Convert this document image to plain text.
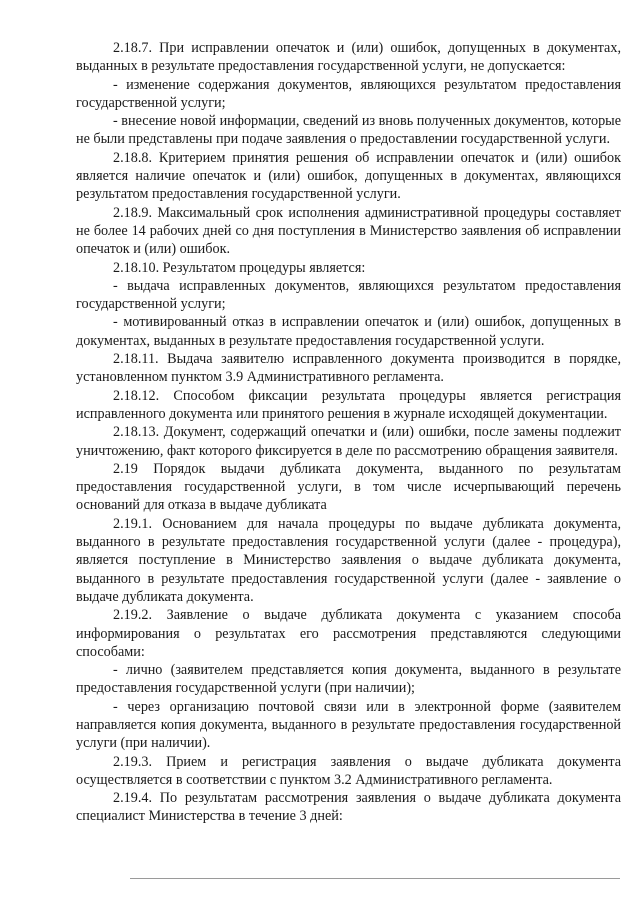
2.18.7. При исправлении опечаток и (или) ошибок, допущенных в документах, выданных в результате предоставления государственной услуги, не допускается:

- изменение содержания документов, являющихся результатом предоставления государственной услуги;

- внесение новой информации, сведений из вновь полученных документов, которые не были представлены при подаче заявления о предоставлении государственной услуги.

2.18.8. Критерием принятия решения об исправлении опечаток и (или) ошибок является наличие опечаток и (или) ошибок, допущенных в документах, являющихся результатом предоставления государственной услуги.

2.18.9. Максимальный срок исполнения административной процедуры составляет не более 14 рабочих дней со дня поступления в Министерство заявления об исправлении опечаток и (или) ошибок.

2.18.10. Результатом процедуры является:

- выдача исправленных документов, являющихся результатом предоставления государственной услуги;

- мотивированный отказ в исправлении опечаток и (или) ошибок, допущенных в документах, выданных в результате предоставления государственной услуги.

2.18.11. Выдача заявителю исправленного документа производится в порядке, установленном пунктом 3.9 Административного регламента.

2.18.12. Способом фиксации результата процедуры является регистрация исправленного документа или принятого решения в журнале исходящей документации.

2.18.13. Документ, содержащий опечатки и (или) ошибки, после замены подлежит уничтожению, факт которого фиксируется в деле по рассмотрению обращения заявителя.

2.19 Порядок выдачи дубликата документа, выданного по результатам предоставления государственной услуги, в том числе исчерпывающий перечень оснований для отказа в выдаче дубликата

2.19.1. Основанием для начала процедуры по выдаче дубликата документа, выданного в результате предоставления государственной услуги (далее - процедура), является поступление в Министерство заявления о выдаче дубликата документа, выданного в результате предоставления государственной услуги (далее - заявление о выдаче дубликата документа.

2.19.2. Заявление о выдаче дубликата документа с указанием способа информирования о результатах его рассмотрения представляются следующими способами:

- лично (заявителем представляется копия документа, выданного в результате предоставления государственной услуги (при наличии);

- через организацию почтовой связи или в электронной форме (заявителем направляется копия документа, выданного в результате предоставления государственной услуги (при наличии).

2.19.3. Прием и регистрация заявления о выдаче дубликата документа осуществляется в соответствии с пунктом 3.2 Административного регламента.

2.19.4. По результатам рассмотрения заявления о выдаче дубликата документа специалист Министерства в течение 3 дней:
